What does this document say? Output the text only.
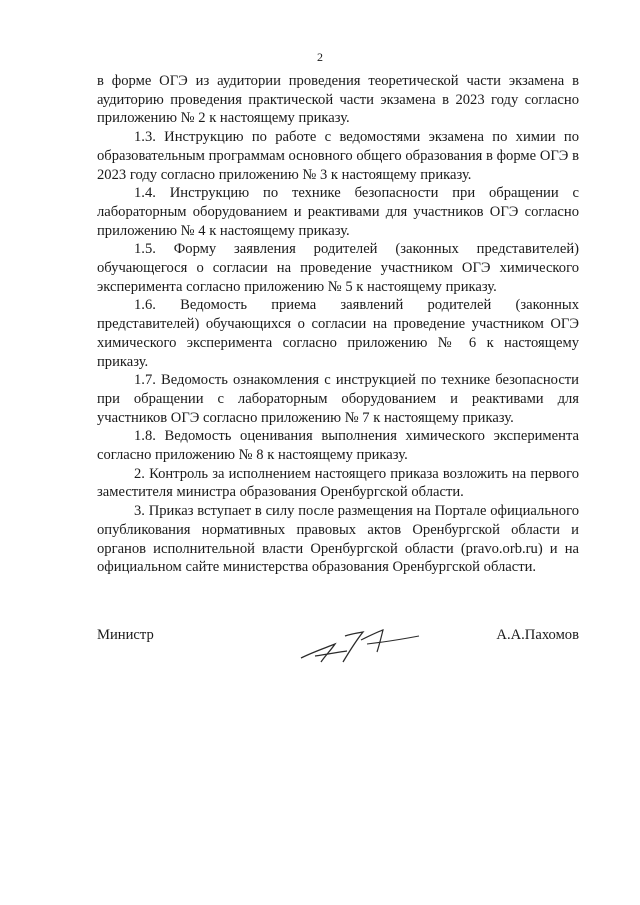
2

в форме ОГЭ из аудитории проведения теоретической части экзамена в аудиторию проведения практической части экзамена в 2023 году согласно приложению № 2 к настоящему приказу.

1.3. Инструкцию по работе с ведомостями экзамена по химии по образовательным программам основного общего образования в форме ОГЭ в 2023 году согласно приложению № 3 к настоящему приказу.

1.4. Инструкцию по технике безопасности при обращении с лабораторным оборудованием и реактивами для участников ОГЭ согласно приложению № 4 к настоящему приказу.

1.5. Форму заявления родителей (законных представителей) обучающегося о согласии на проведение участником ОГЭ химического эксперимента согласно приложению № 5 к настоящему приказу.

1.6. Ведомость приема заявлений родителей (законных представителей) обучающихся о согласии на проведение участником ОГЭ химического эксперимента согласно приложению № 6 к настоящему приказу.

1.7. Ведомость ознакомления с инструкцией по технике безопасности при обращении с лабораторным оборудованием и реактивами для участников ОГЭ согласно приложению № 7 к настоящему приказу.

1.8. Ведомость оценивания выполнения химического эксперимента согласно приложению № 8 к настоящему приказу.

2. Контроль за исполнением настоящего приказа возложить на первого заместителя министра образования Оренбургской области.

3. Приказ вступает в силу после размещения на Портале официального опубликования нормативных правовых актов Оренбургской области и органов исполнительной власти Оренбургской области (pravo.orb.ru) и на официальном сайте министерства образования Оренбургской области.

Министр	А.А.Пахомов
